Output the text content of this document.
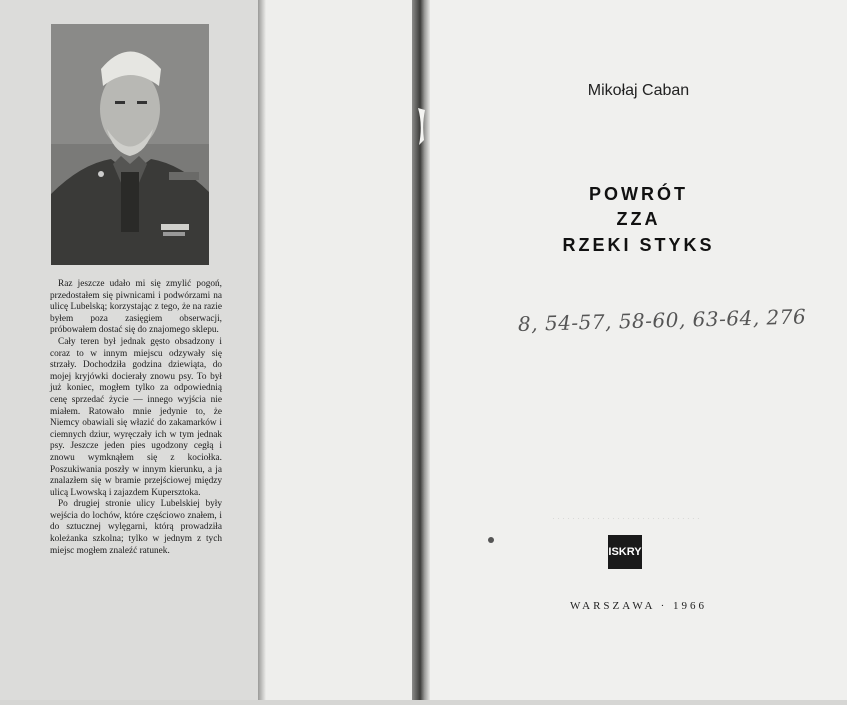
Raz jeszcze udało mi się zmylić pogoń, przedostałem się piwnicami i podwórzami na ulicę Lubelską; korzystając z tego, że na razie byłem poza zasięgiem obserwacji, próbowałem dostać się do znajomego sklepu.

Cały teren był jednak gęsto obsadzony i coraz to w innym miejscu odzywały się strzały. Dochodziła godzina dziewiąta, do mojej kryjówki docierały znowu psy. To był już koniec, mogłem tylko za odpowiednią cenę sprzedać życie — innego wyjścia nie miałem. Ratowało mnie jedynie to, że Niemcy obawiali się włazić do zakamarków i ciemnych dziur, wyręczały ich w tym jednak psy. Jeszcze jeden pies ugodzony cegłą i znowu wymknąłem się z kociołka. Poszukiwania poszły w innym kierunku, a ja znalazłem się w bramie przejściowej między ulicą Lwowską i zajazdem Kupersztoka.

Po drugiej stronie ulicy Lubelskiej były wejścia do lochów, które częściowo znałem, i do sztucznej wylęgarni, którą prowadziła koleżanka szkolna; tylko w jednym z tych miejsc mogłem znaleźć ratunek.

Mikołaj Caban
POWRÓT
ZZA
RZEKI STYKS
8, 54-57, 58-60, 63-64, 276
······························
ISKRY
WARSZAWA · 1966
